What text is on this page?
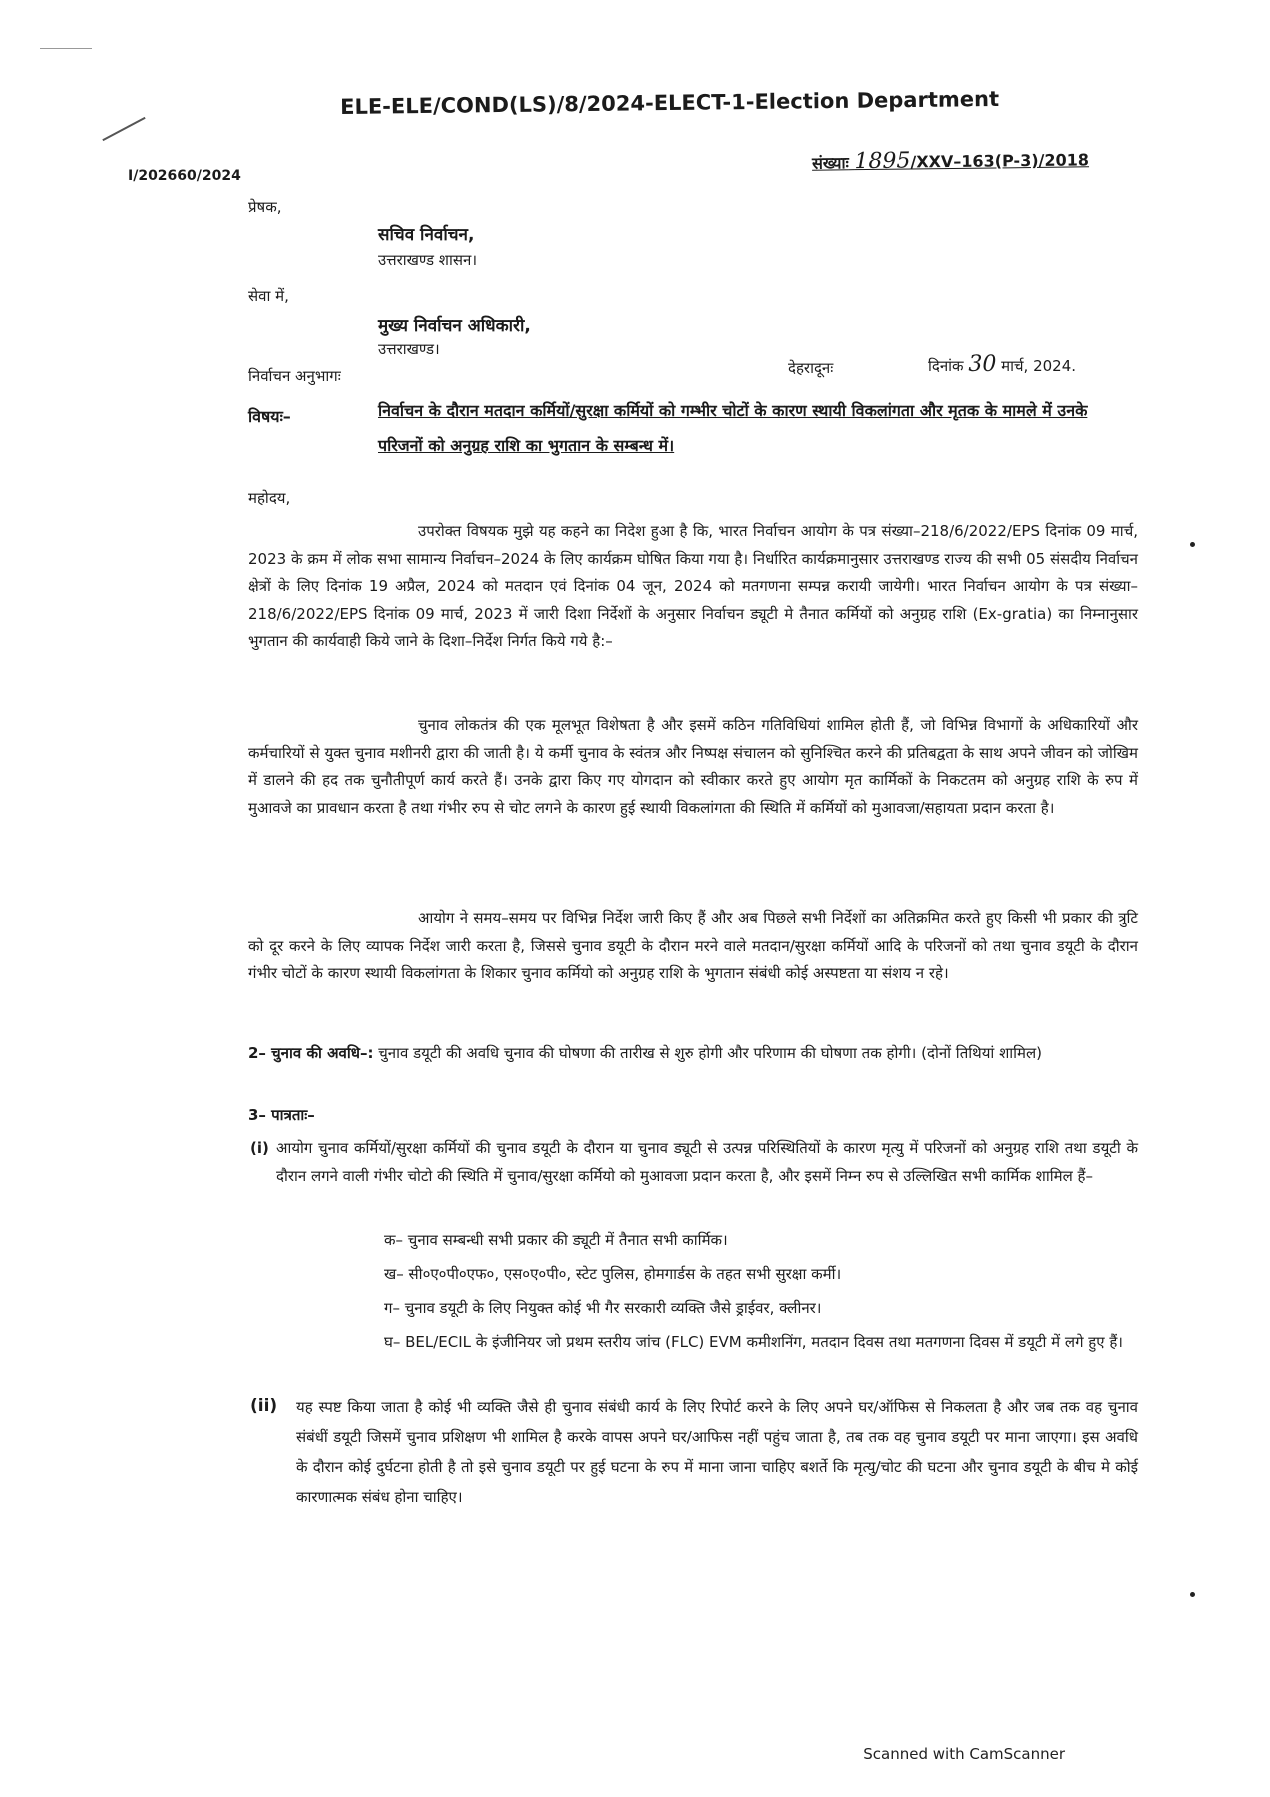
ELE-ELE/COND(LS)/8/2024-ELECT-1-Election Department
संख्याः 1895/XXV–163(P-3)/2018
I/202660/2024
प्रेषक,
सचिव निर्वाचन,
उत्तराखण्ड शासन।
सेवा में,
मुख्य निर्वाचन अधिकारी,
उत्तराखण्ड।
निर्वाचन अनुभागः	देहरादूनः	दिनांक 30 मार्च, 2024.
विषयः–	निर्वाचन के दौरान मतदान कर्मियों/सुरक्षा कर्मियों को गम्भीर चोटों के कारण स्थायी विकलांगता और मृतक के मामले में उनके परिजनों को अनुग्रह राशि का भुगतान के सम्बन्ध में।
महोदय,
उपरोक्त विषयक मुझे यह कहने का निदेश हुआ है कि, भारत निर्वाचन आयोग के पत्र संख्या–218/6/2022/EPS दिनांक 09 मार्च, 2023 के क्रम में लोक सभा सामान्य निर्वाचन–2024 के लिए कार्यक्रम घोषित किया गया है। निर्धारित कार्यक्रमानुसार उत्तराखण्ड राज्य की सभी 05 संसदीय निर्वाचन क्षेत्रों के लिए दिनांक 19 अप्रैल, 2024 को मतदान एवं दिनांक 04 जून, 2024 को मतगणना सम्पन्न करायी जायेगी। भारत निर्वाचन आयोग के पत्र संख्या–218/6/2022/EPS दिनांक 09 मार्च, 2023 में जारी दिशा निर्देशों के अनुसार निर्वाचन ड्यूटी मे तैनात कर्मियों को अनुग्रह राशि (Ex-gratia) का निम्नानुसार भुगतान की कार्यवाही किये जाने के दिशा–निर्देश निर्गत किये गये है:–
चुनाव लोकतंत्र की एक मूलभूत विशेषता है और इसमें कठिन गतिविधियां शामिल होती हैं, जो विभिन्न विभागों के अधिकारियों और कर्मचारियों से युक्त चुनाव मशीनरी द्वारा की जाती है। ये कर्मी चुनाव के स्वंतत्र और निष्पक्ष संचालन को सुनिश्चित करने की प्रतिबद्वता के साथ अपने जीवन को जोखिम में डालने की हद तक चुनौतीपूर्ण कार्य करते हैं। उनके द्वारा किए गए योगदान को स्वीकार करते हुए आयोग मृत कार्मिकों के निकटतम को अनुग्रह राशि के रुप में मुआवजे का प्रावधान करता है तथा गंभीर रुप से चोट लगने के कारण हुई स्थायी विकलांगता की स्थिति में कर्मियों को मुआवजा/सहायता प्रदान करता है।
आयोग ने समय–समय पर विभिन्न निर्देश जारी किए हैं और अब पिछले सभी निर्देशों का अतिक्रमित करते हुए किसी भी प्रकार की त्रुटि को दूर करने के लिए व्यापक निर्देश जारी करता है, जिससे चुनाव डयूटी के दौरान मरने वाले मतदान/सुरक्षा कर्मियों आदि के परिजनों को तथा चुनाव डयूटी के दौरान गंभीर चोटों के कारण स्थायी विकलांगता के शिकार चुनाव कर्मियो को अनुग्रह राशि के भुगतान संबंधी कोई अस्पष्टता या संशय न रहे।
2– चुनाव की अवधि–: चुनाव डयूटी की अवधि चुनाव की घोषणा की तारीख से शुरु होगी और परिणाम की घोषणा तक होगी। (दोनों तिथियां शामिल)
3– पात्रताः–
(i) आयोग चुनाव कर्मियों/सुरक्षा कर्मियों की चुनाव डयूटी के दौरान या चुनाव ड्यूटी से उत्पन्न परिस्थितियों के कारण मृत्यु में परिजनों को अनुग्रह राशि तथा डयूटी के दौरान लगने वाली गंभीर चोटो की स्थिति में चुनाव/सुरक्षा कर्मियो को मुआवजा प्रदान करता है, और इसमें निम्न रुप से उल्लिखित सभी कार्मिक शामिल हैं–
क– चुनाव सम्बन्धी सभी प्रकार की ड्यूटी में तैनात सभी कार्मिक।
ख– सी०ए०पी०एफ०, एस०ए०पी०, स्टेट पुलिस, होमगार्डस के तहत सभी सुरक्षा कर्मी।
ग– चुनाव डयूटी के लिए नियुक्त कोई भी गैर सरकारी व्यक्ति जैसे ड्राईवर, क्लीनर।
घ– BEL/ECIL के इंजीनियर जो प्रथम स्तरीय जांच (FLC) EVM कमीशनिंग, मतदान दिवस तथा मतगणना दिवस में डयूटी में लगे हुए हैं।
(ii) यह स्पष्ट किया जाता है कोई भी व्यक्ति जैसे ही चुनाव संबंधी कार्य के लिए रिपोर्ट करने के लिए अपने घर/ऑफिस से निकलता है और जब तक वह चुनाव संबंधीं डयूटी जिसमें चुनाव प्रशिक्षण भी शामिल है करके वापस अपने घर/आफिस नहीं पहुंच जाता है, तब तक वह चुनाव डयूटी पर माना जाएगा। इस अवधि के दौरान कोई दुर्घटना होती है तो इसे चुनाव डयूटी पर हुई घटना के रुप में माना जाना चाहिए बशर्ते कि मृत्यु/चोट की घटना और चुनाव डयूटी के बीच मे कोई कारणात्मक संबंध होना चाहिए।
Scanned with CamScanner
